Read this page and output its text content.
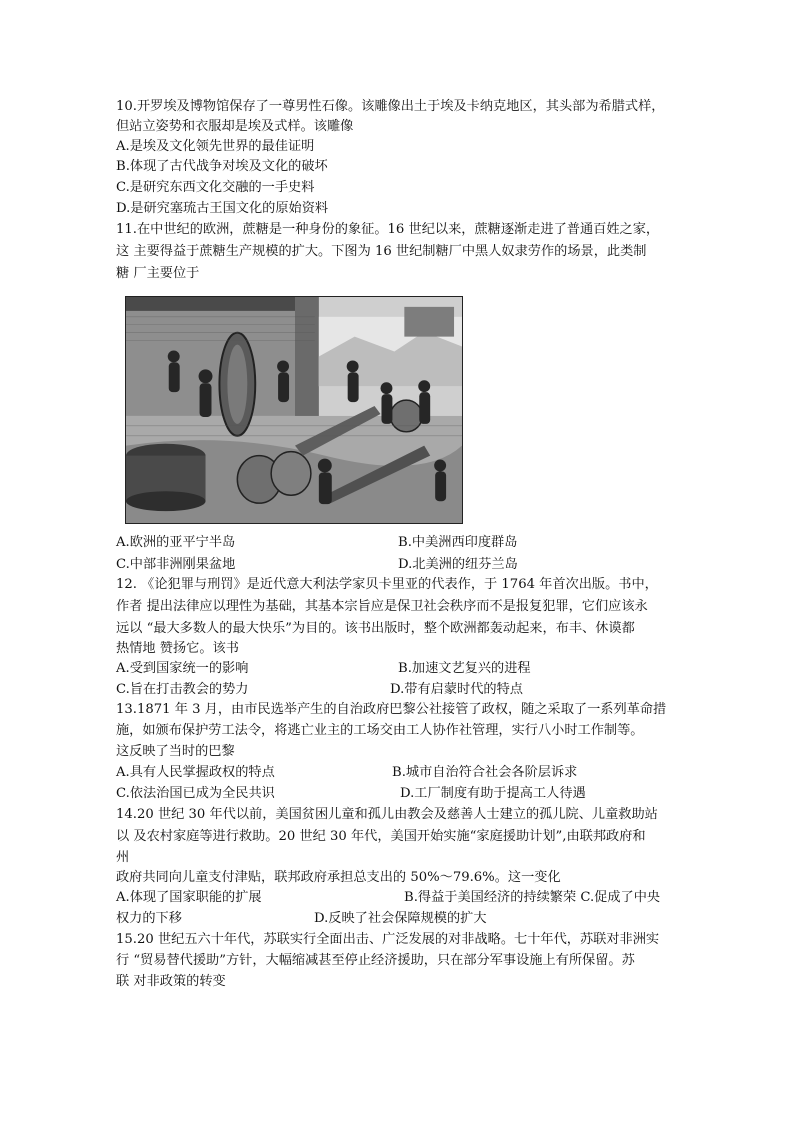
10.开罗埃及博物馆保存了一尊男性石像。该雕像出土于埃及卡纳克地区，其头部为希腊式样，
但站立姿势和衣服却是埃及式样。该雕像
A.是埃及文化领先世界的最佳证明
B.体现了古代战争对埃及文化的破坏
C.是研究东西文化交融的一手史料
D.是研究塞琉古王国文化的原始资料
11.在中世纪的欧洲，蔗糖是一种身份的象征。16 世纪以来，蔗糖逐渐走进了普通百姓之家，
这 主要得益于蔗糖生产规模的扩大。下图为 16 世纪制糖厂中黑人奴隶劳作的场景，此类制
糖 厂主要位于
A.欧洲的亚平宁半岛	B.中美洲西印度群岛
C.中部非洲刚果盆地	D.北美洲的纽芬兰岛
12. 《论犯罪与刑罚》是近代意大利法学家贝卡里亚的代表作，于 1764 年首次出版。书中，
作者 提出法律应以理性为基础，其基本宗旨应是保卫社会秩序而不是报复犯罪，它们应该永
远以 “最大多数人的最大快乐”为目的。该书出版时，整个欧洲都轰动起来，布丰、休谟都
热情地 赞扬它。该书
A.受到国家统一的影响	B.加速文艺复兴的进程
C.旨在打击教会的势力	D.带有启蒙时代的特点
13.1871 年 3 月，由市民选举产生的自治政府巴黎公社接管了政权，随之采取了一系列革命措
施，如颁布保护劳工法令，将逃亡业主的工场交由工人协作社管理，实行八小时工作制等。
这反映了当时的巴黎
A.具有人民掌握政权的特点	B.城市自治符合社会各阶层诉求
C.依法治国已成为全民共识	D.工厂制度有助于提高工人待遇
14.20 世纪 30 年代以前，美国贫困儿童和孤儿由教会及慈善人士建立的孤儿院、儿童救助站
以 及农村家庭等进行救助。20 世纪 30 年代，美国开始实施“家庭援助计划”,由联邦政府和
州
政府共同向儿童支付津贴，联邦政府承担总支出的 50%～79.6%。这一变化
A.体现了国家职能的扩展	B.得益于美国经济的持续繁荣 C.促成了中央
权力的下移	D.反映了社会保障规模的扩大
15.20 世纪五六十年代，苏联实行全面出击、广泛发展的对非战略。七十年代，苏联对非洲实
行 “贸易替代援助”方针，大幅缩减甚至停止经济援助，只在部分军事设施上有所保留。苏
联 对非政策的转变
